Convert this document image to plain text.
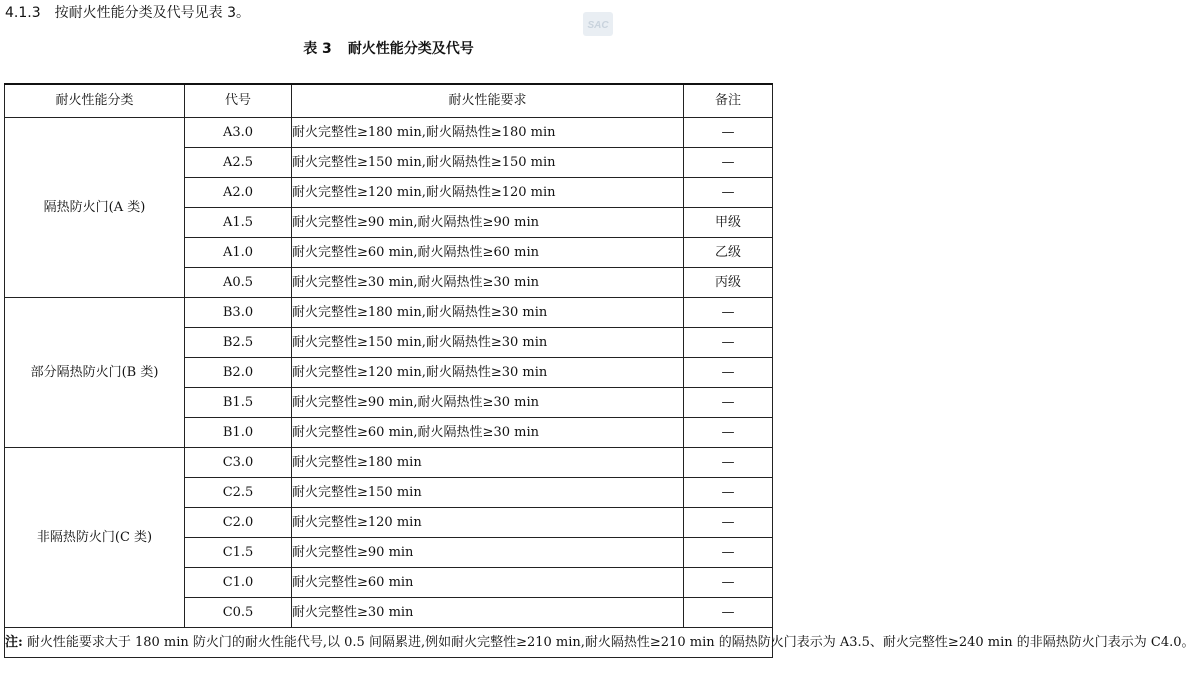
4.1.3 按耐火性能分类及代号见表 3。
SAC
表 3 耐火性能分类及代号
耐火性能分类	代号	耐火性能要求	备注
隔热防火门(A 类)	A3.0	耐火完整性≥180 min,耐火隔热性≥180 min	—
	A2.5	耐火完整性≥150 min,耐火隔热性≥150 min	—
	A2.0	耐火完整性≥120 min,耐火隔热性≥120 min	—
	A1.5	耐火完整性≥90 min,耐火隔热性≥90 min	甲级
	A1.0	耐火完整性≥60 min,耐火隔热性≥60 min	乙级
	A0.5	耐火完整性≥30 min,耐火隔热性≥30 min	丙级
部分隔热防火门(B 类)	B3.0	耐火完整性≥180 min,耐火隔热性≥30 min	—
	B2.5	耐火完整性≥150 min,耐火隔热性≥30 min	—
	B2.0	耐火完整性≥120 min,耐火隔热性≥30 min	—
	B1.5	耐火完整性≥90 min,耐火隔热性≥30 min	—
	B1.0	耐火完整性≥60 min,耐火隔热性≥30 min	—
非隔热防火门(C 类)	C3.0	耐火完整性≥180 min	—
	C2.5	耐火完整性≥150 min	—
	C2.0	耐火完整性≥120 min	—
	C1.5	耐火完整性≥90 min	—
	C1.0	耐火完整性≥60 min	—
	C0.5	耐火完整性≥30 min	—
注: 耐火性能要求大于 180 min 防火门的耐火性能代号,以 0.5 间隔累进,例如耐火完整性≥210 min,耐火隔热性≥210 min 的隔热防火门表示为 A3.5、耐火完整性≥240 min 的非隔热防火门表示为 C4.0。			
